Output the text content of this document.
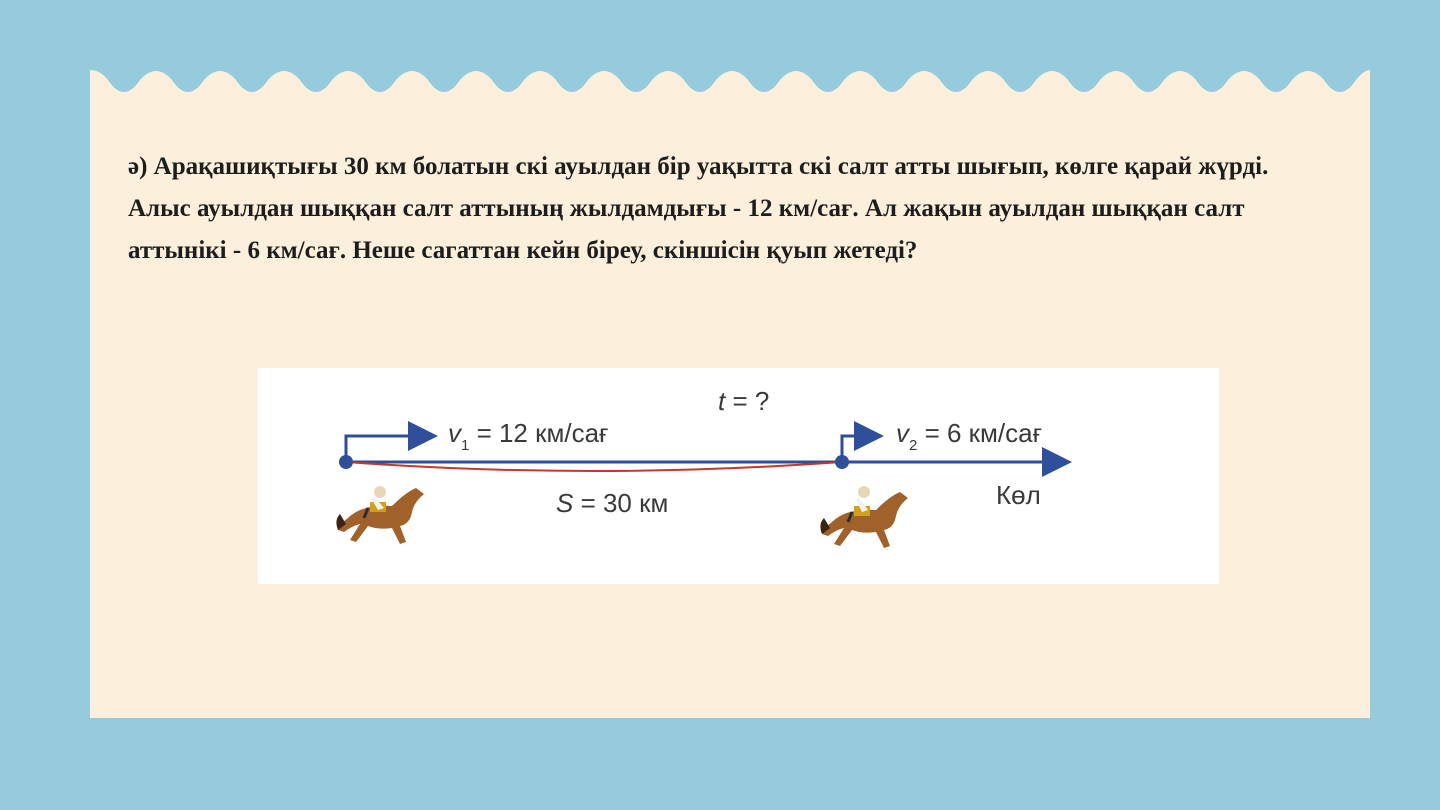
ә) Арақашиқтығы 30 км болатын скі ауылдан бір уақытта скі салт атты шығып, көлге қарай жүрді. Алыс ауылдан шыққан салт аттының жылдамдығы - 12 км/сағ. Ал жақын ауылдан шыққан салт аттынікі - 6 км/сағ. Неше сагаттан кейн біреу, скіншісін қуып жетеді?

t = ?
$v_1 = 12$ км/сағ	$v_2 = 6$ км/сағ
S = 30 км	Көл
